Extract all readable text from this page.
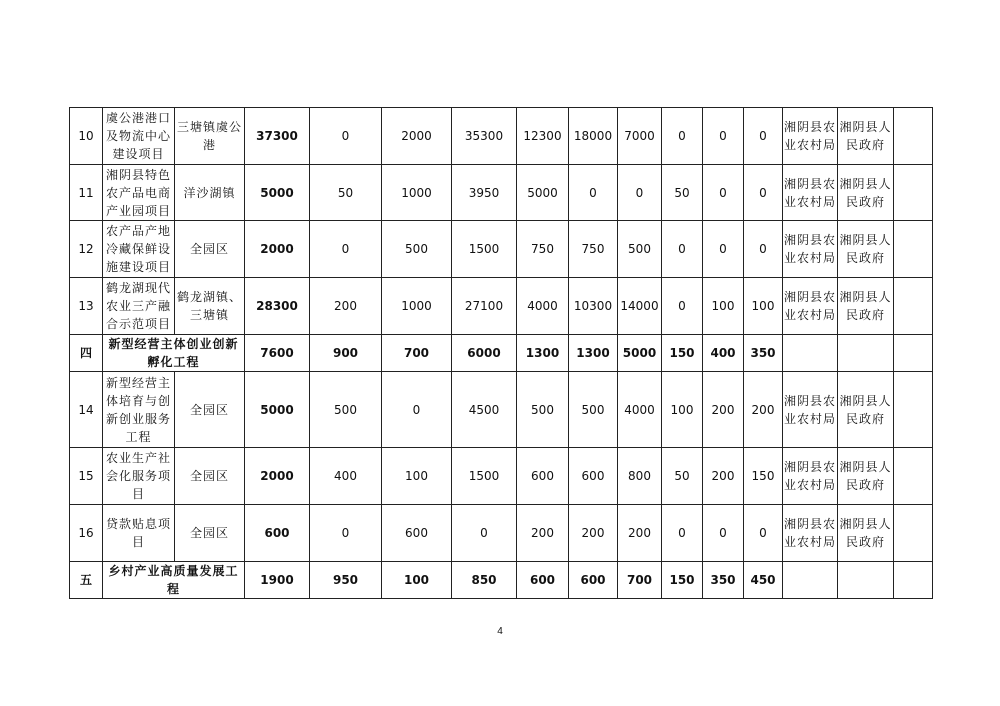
10	虞公港港口及物流中心建设项目	三塘镇虞公港	37300	0	2000	35300	12300	18000	7000	0	0	0	湘阴县农业农村局	湘阴县人民政府	
11	湘阴县特色农产品电商产业园项目	洋沙湖镇	5000	50	1000	3950	5000	0	0	50	0	0	湘阴县农业农村局	湘阴县人民政府	
12	农产品产地冷藏保鲜设施建设项目	全园区	2000	0	500	1500	750	750	500	0	0	0	湘阴县农业农村局	湘阴县人民政府	
13	鹤龙湖现代农业三产融合示范项目	鹤龙湖镇、三塘镇	28300	200	1000	27100	4000	10300	14000	0	100	100	湘阴县农业农村局	湘阴县人民政府	
四	新型经营主体创业创新孵化工程		7600	900	700	6000	1300	1300	5000	150	400	350			
14	新型经营主体培育与创新创业服务工程	全园区	5000	500	0	4500	500	500	4000	100	200	200	湘阴县农业农村局	湘阴县人民政府	
15	农业生产社会化服务项目	全园区	2000	400	100	1500	600	600	800	50	200	150	湘阴县农业农村局	湘阴县人民政府	
16	贷款贴息项目	全园区	600	0	600	0	200	200	200	0	0	0	湘阴县农业农村局	湘阴县人民政府	
五	乡村产业高质量发展工程		1900	950	100	850	600	600	700	150	350	450			
4
